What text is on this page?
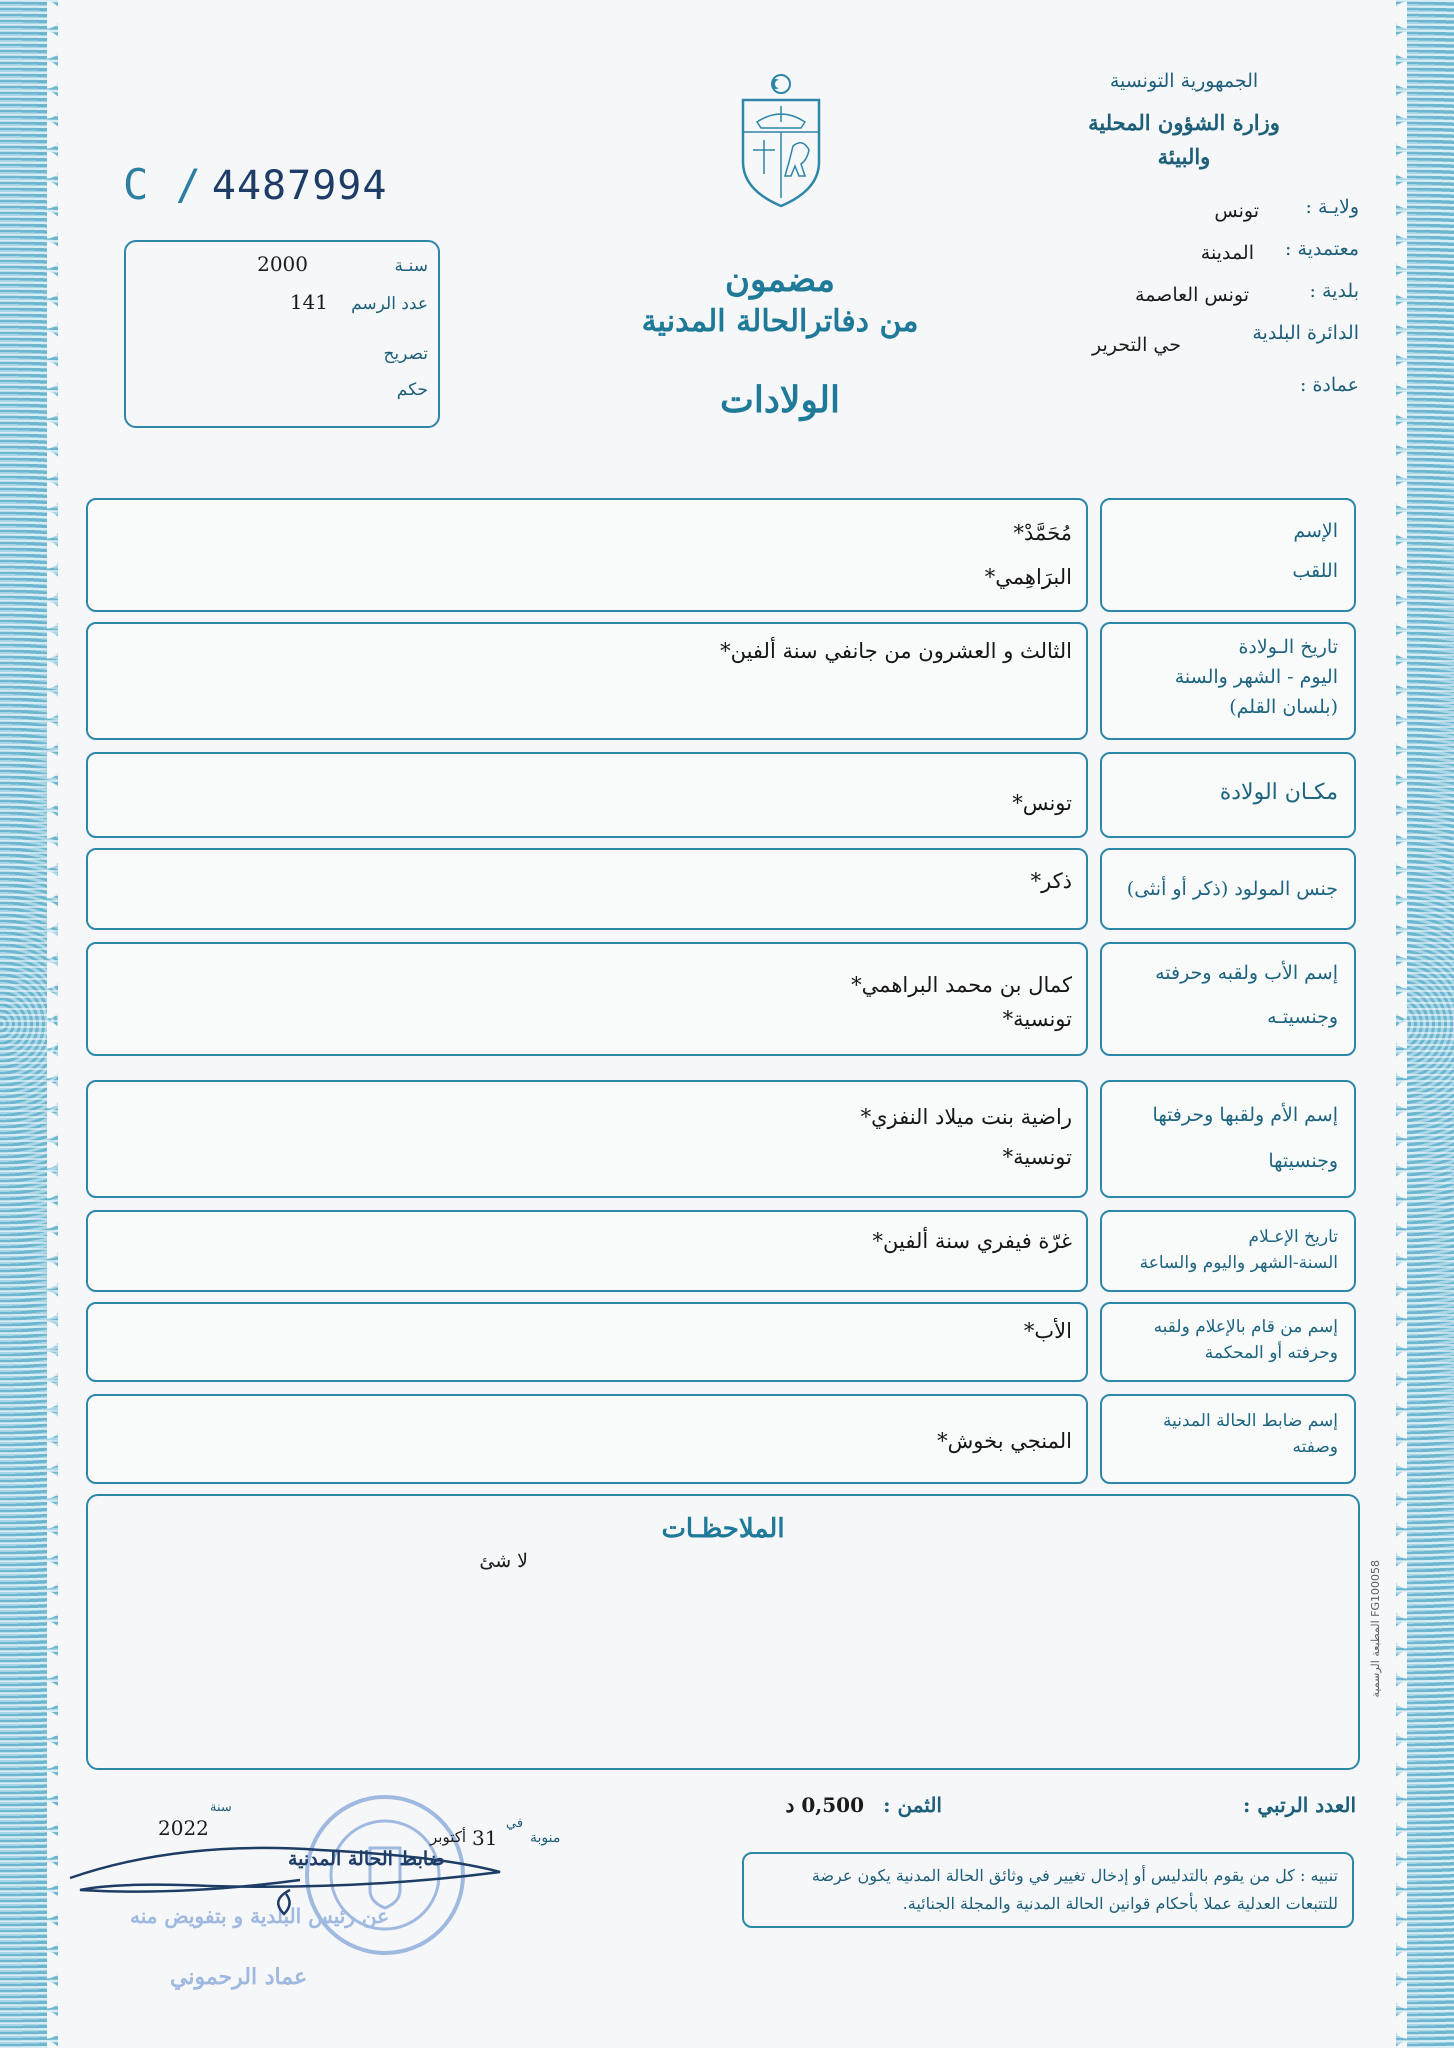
الجمهورية التونسية
وزارة الشؤون المحلية
والبيئة
ولايـة :
تونس
معتمدية :
المدينة
بلدية :
تونس العاصمة
الدائرة البلدية
حي التحرير
عمادة :
C / 4487994
سنـة
2000
عدد الرسم
141
تصريح
حكم
مضمون
من دفاترالحالة المدنية
الولادات
الإسم
اللقب
مُحَمَّدْ*
البرَاهِمي*
تاريخ الـولادة
اليوم - الشهر والسنة
(بلسان القلم)
الثالث و العشرون من جانفي سنة ألفين*
مكـان الولادة
تونس*
جنس المولود (ذكر أو أنثى)
ذكر*
إسم الأب ولقبه وحرفته
وجنسيتـه
كمال بن محمد البراهمي*
تونسية*
إسم الأم ولقبها وحرفتها
وجنسيتها
راضية بنت ميلاد النفزي*
تونسية*
تاريخ الإعـلام
السنة-الشهر واليوم والساعة
غرّة فيفري سنة ألفين*
إسم من قام بالإعلام ولقبه
وحرفته أو المحكمة
الأب*
إسم ضابط الحالة المدنية
وصفته
المنجي بخوش*
الملاحظـات
لا شئ
المطبعة الرسمية FG100058
العدد الرتبي :
الثمن :
0,500 د
تنبيه : كل من يقوم بالتدليس أو إدخال تغيير في وثائق الحالة المدنية يكون عرضة
للتتبعات العدلية عملا بأحكام قوانين الحالة المدنية والمجلة الجنائية.
سنة
2022	منوبة
في
31
أكتوبر
ضابط الحالة المدنية
عن رئيس البلدية و بتفويض منه
عماد الرحموني
